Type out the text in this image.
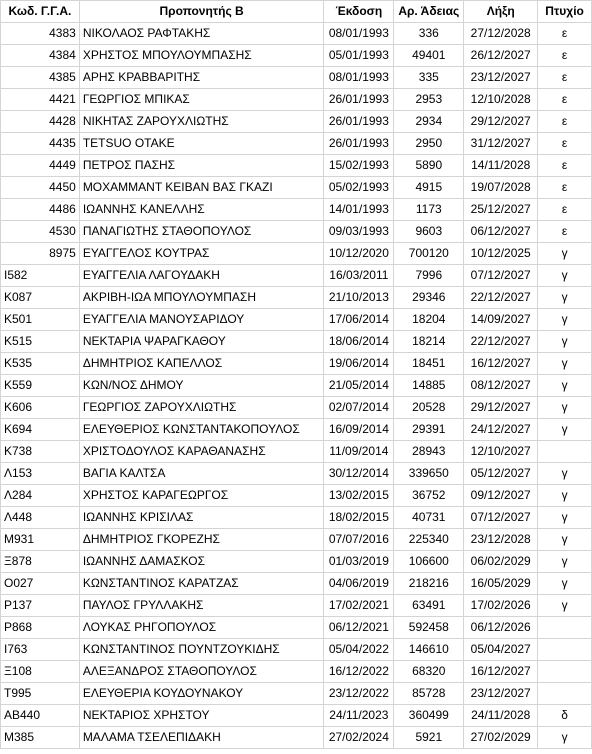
Κωδ. Γ.Γ.Α.	Προπονητής Β	Έκδοση	Αρ. Άδειας	Λήξη	Πτυχίο
4383	ΝΙΚΟΛΑΟΣ ΡΑΦΤΑΚΗΣ	08/01/1993	336	27/12/2028	ε
4384	ΧΡΗΣΤΟΣ ΜΠΟΥΛΟΥΜΠΑΣΗΣ	05/01/1993	49401	26/12/2027	ε
4385	ΑΡΗΣ ΚΡΑΒΒΑΡΙΤΗΣ	08/01/1993	335	23/12/2027	ε
4421	ΓΕΩΡΓΙΟΣ ΜΠΙΚΑΣ	26/01/1993	2953	12/10/2028	ε
4428	ΝΙΚΗΤΑΣ ΖΑΡΟΥΧΛΙΩΤΗΣ	26/01/1993	2934	29/12/2027	ε
4435	TETSUO OTAKE	26/01/1993	2950	31/12/2027	ε
4449	ΠΕΤΡΟΣ ΠΑΣΗΣ	15/02/1993	5890	14/11/2028	ε
4450	ΜΟΧΑΜΜΑΝΤ ΚΕΙΒΑΝ ΒΑΣ ΓΚΑΖΙ	05/02/1993	4915	19/07/2028	ε
4486	ΙΩΑΝΝΗΣ ΚΑΝΕΛΛΗΣ	14/01/1993	1173	25/12/2027	ε
4530	ΠΑΝΑΓΙΩΤΗΣ ΣΤΑΘΟΠΟΥΛΟΣ	09/03/1993	9603	06/12/2027	ε
8975	ΕΥΑΓΓΕΛΟΣ ΚΟΥΤΡΑΣ	10/12/2020	700120	10/12/2025	γ
Ι582	ΕΥΑΓΓΕΛΙΑ ΛΑΓΟΥΔΑΚΗ	16/03/2011	7996	07/12/2027	γ
Κ087	ΑΚΡΙΒΗ-ΙΩΑ ΜΠΟΥΛΟΥΜΠΑΣΗ	21/10/2013	29346	22/12/2027	γ
Κ501	ΕΥΑΓΓΕΛΙΑ ΜΑΝΟΥΣΑΡΙΔΟΥ	17/06/2014	18204	14/09/2027	γ
Κ515	ΝΕΚΤΑΡΙΑ ΨΑΡΑΓΚΑΘΟΥ	18/06/2014	18214	22/12/2027	γ
Κ535	ΔΗΜΗΤΡΙΟΣ ΚΑΠΕΛΛΟΣ	19/06/2014	18451	16/12/2027	γ
Κ559	ΚΩΝ/ΝΟΣ ΔΗΜΟΥ	21/05/2014	14885	08/12/2027	γ
Κ606	ΓΕΩΡΓΙΟΣ ΖΑΡΟΥΧΛΙΩΤΗΣ	02/07/2014	20528	29/12/2027	γ
Κ694	ΕΛΕΥΘΕΡΙΟΣ ΚΩΝΣΤΑΝΤΑΚΟΠΟΥΛΟΣ	16/09/2014	29391	24/12/2027	γ
Κ738	ΧΡΙΣΤΟΔΟΥΛΟΣ ΚΑΡΑΘΑΝΑΣΗΣ	11/09/2014	28943	12/10/2027	
Λ153	ΒΑΓΙΑ ΚΑΛΤΣΑ	30/12/2014	339650	05/12/2027	γ
Λ284	ΧΡΗΣΤΟΣ ΚΑΡΑΓΕΩΡΓΟΣ	13/02/2015	36752	09/12/2027	γ
Λ448	ΙΩΑΝΝΗΣ ΚΡΙΣΙΛΑΣ	18/02/2015	40731	07/12/2027	γ
Μ931	ΔΗΜΗΤΡΙΟΣ ΓΚΟΡΕΖΗΣ	07/07/2016	225340	23/12/2028	γ
Ξ878	ΙΩΑΝΝΗΣ ΔΑΜΑΣΚΟΣ	01/03/2019	106600	06/02/2029	γ
Ο027	ΚΩΝΣΤΑΝΤΙΝΟΣ ΚΑΡΑΤΖΑΣ	04/06/2019	218216	16/05/2029	γ
Ρ137	ΠΑΥΛΟΣ ΓΡΥΛΛΑΚΗΣ	17/02/2021	63491	17/02/2026	γ
Ρ868	ΛΟΥΚΑΣ ΡΗΓΟΠΟΥΛΟΣ	06/12/2021	592458	06/12/2026	
Ι763	ΚΩΝΣΤΑΝΤΙΝΟΣ ΠΟΥΝΤΖΟΥΚΙΔΗΣ	05/04/2022	146610	05/04/2027	
Ξ108	ΑΛΕΞΑΝΔΡΟΣ ΣΤΑΘΟΠΟΥΛΟΣ	16/12/2022	68320	16/12/2027	
Τ995	ΕΛΕΥΘΕΡΙΑ ΚΟΥΔΟΥΝΑΚΟΥ	23/12/2022	85728	23/12/2027	
ΑΒ440	ΝΕΚΤΑΡΙΟΣ ΧΡΗΣΤΟΥ	24/11/2023	360499	24/11/2028	δ
Μ385	ΜΑΛΑΜΑ ΤΣΕΛΕΠΙΔΑΚΗ	27/02/2024	5921	27/02/2029	γ
